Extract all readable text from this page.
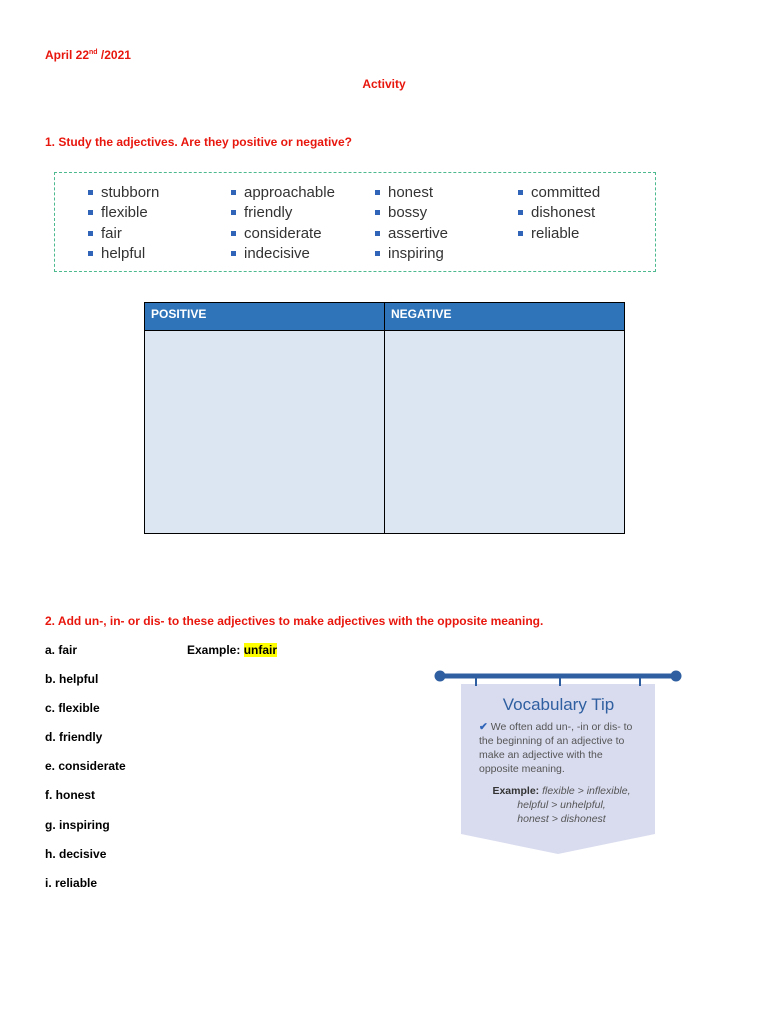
April 22nd /2021
Activity
1. Study the adjectives. Are they positive or negative?
stubborn
flexible
fair
helpful
approachable
friendly
considerate
indecisive
honest
bossy
assertive
inspiring
committed
dishonest
reliable
POSITIVE	NEGATIVE
2. Add un-, in- or dis- to these adjectives to make adjectives with the opposite meaning.
a. fair
b. helpful
c. flexible
d. friendly
e. considerate
f. honest
g. inspiring
h. decisive
i. reliable
Example: unfair
Vocabulary Tip
✔ We often add un-, -in or dis- to the beginning of an adjective to make an adjective with the opposite meaning.
Example: flexible > inflexible,
helpful > unhelpful,
honest > dishonest
